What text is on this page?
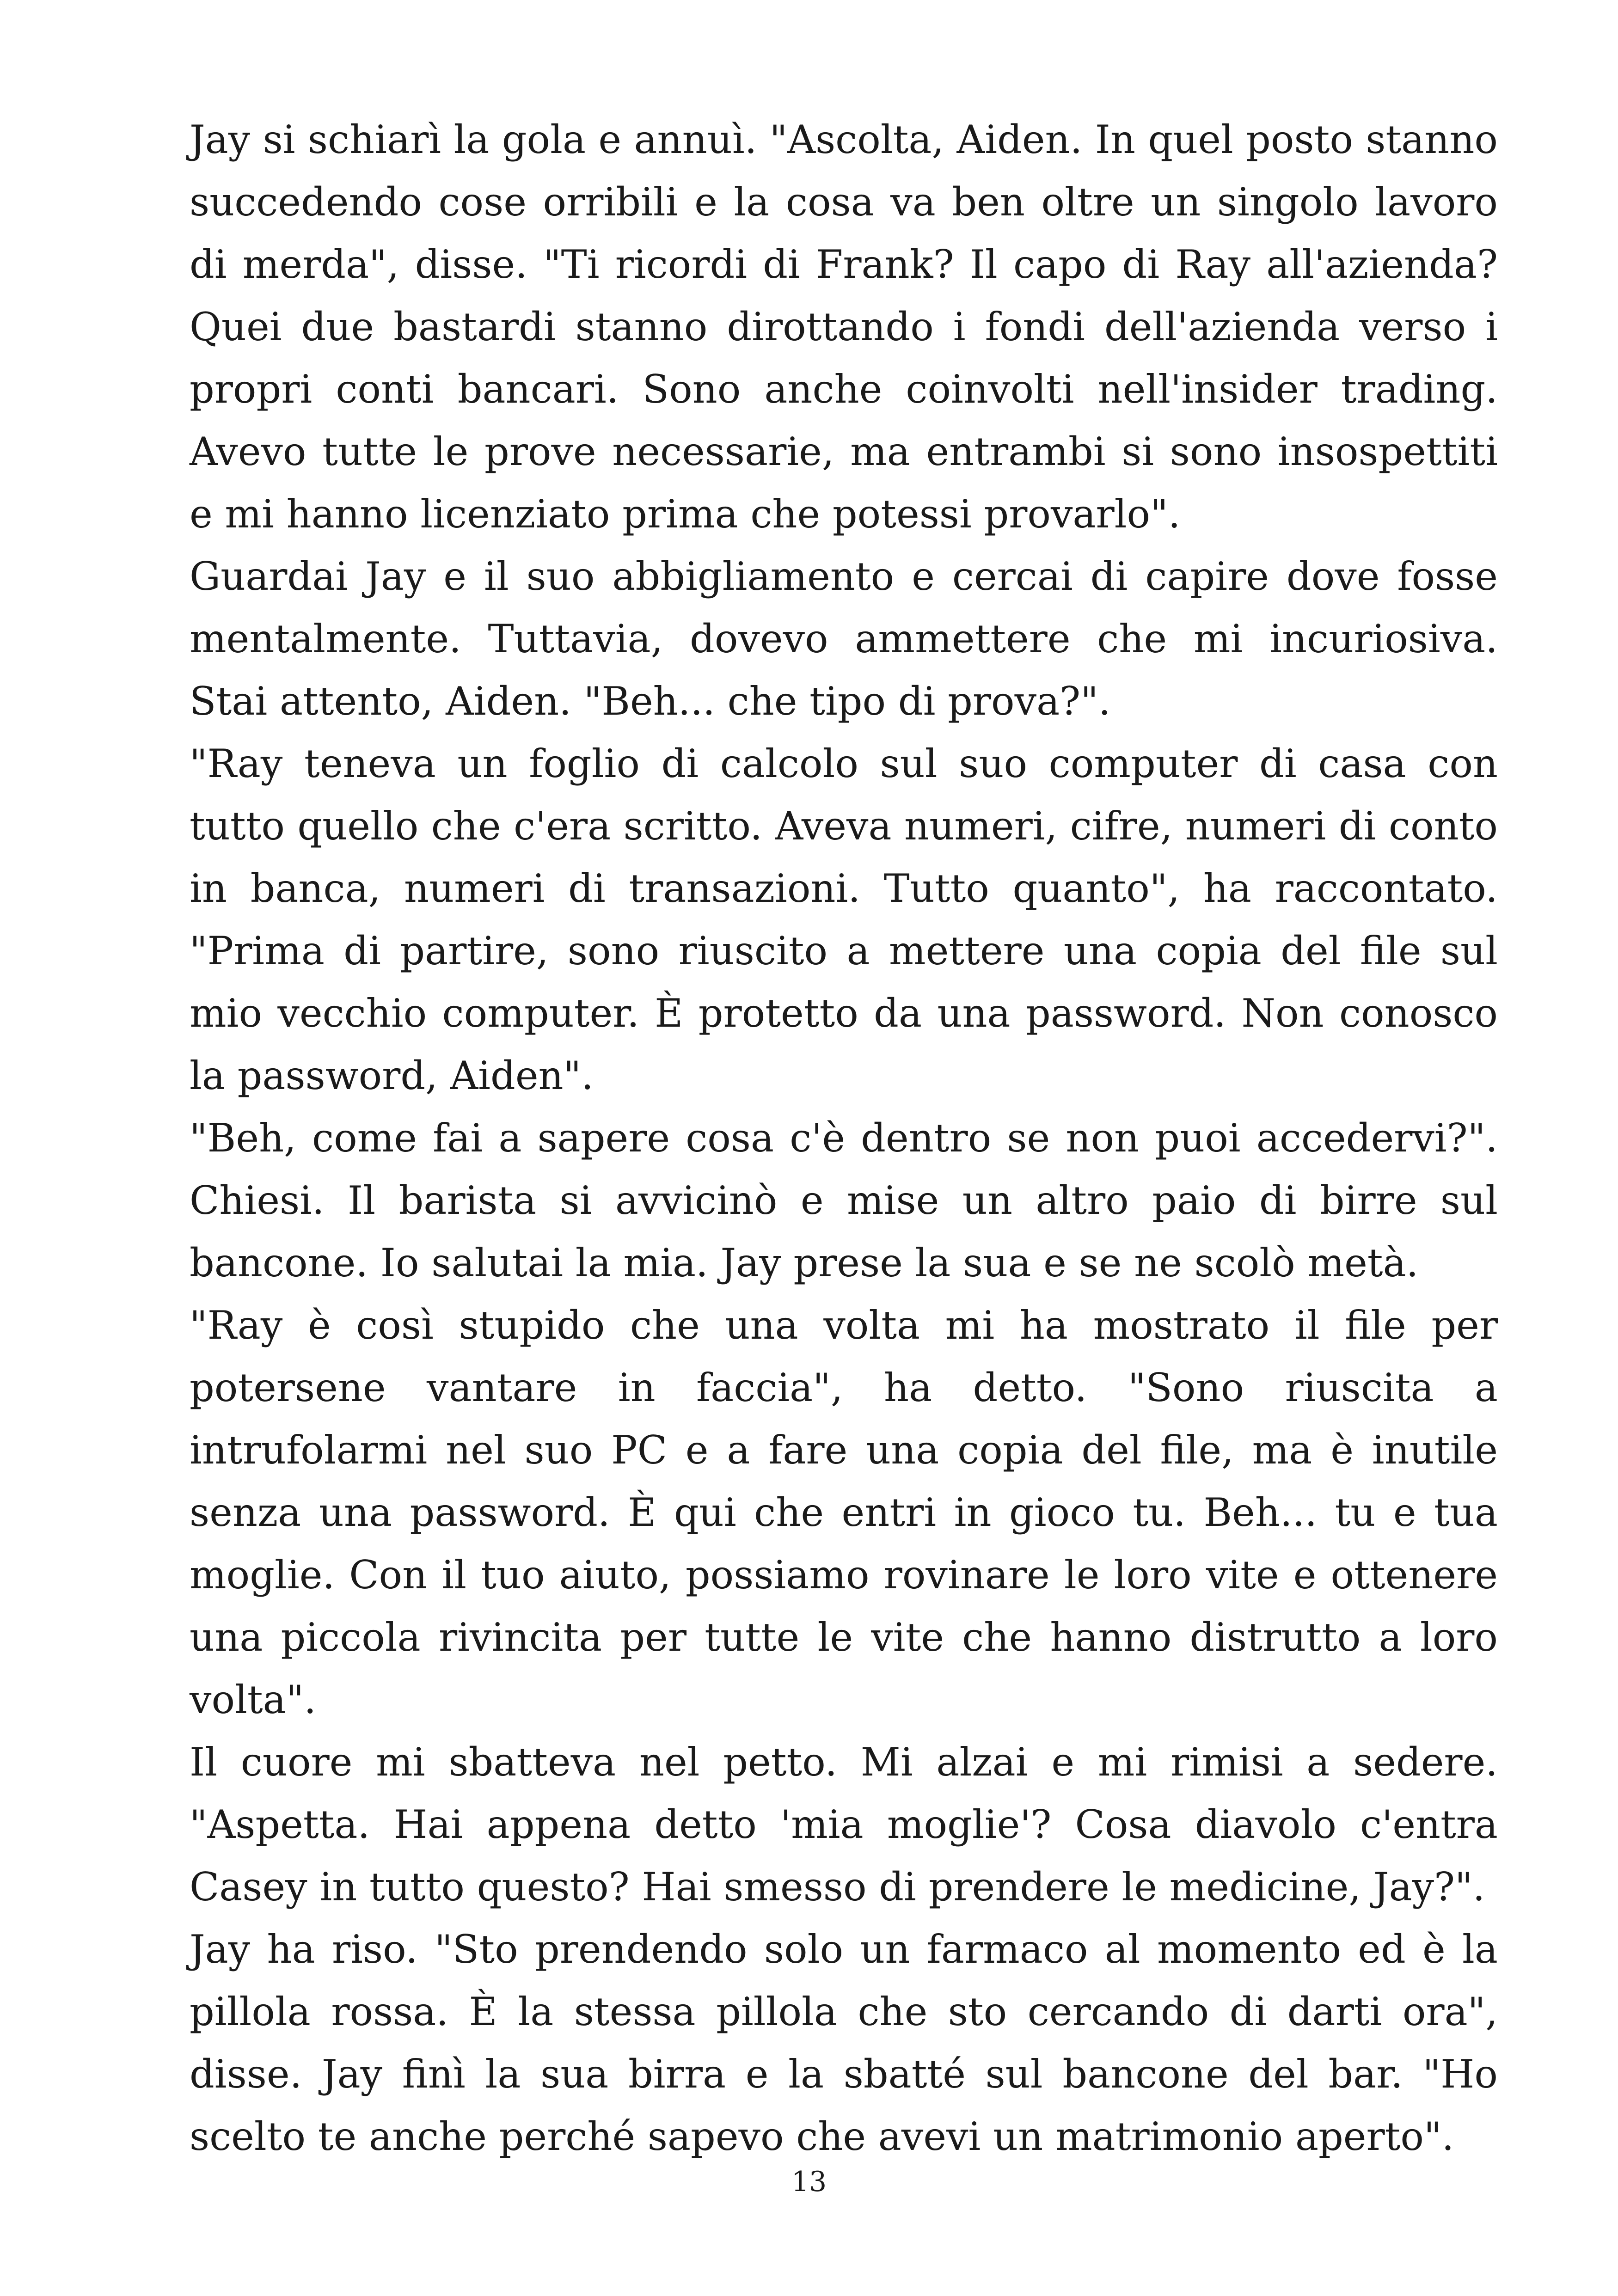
Jay si schiarì la gola e annuì. "Ascolta, Aiden. In quel posto stanno succedendo cose orribili e la cosa va ben oltre un singolo lavoro di merda", disse. "Ti ricordi di Frank? Il capo di Ray all'azienda? Quei due bastardi stanno dirottando i fondi dell'azienda verso i propri conti bancari. Sono anche coinvolti nell'insider trading. Avevo tutte le prove necessarie, ma entrambi si sono insospettiti e mi hanno licenziato prima che potessi provarlo".

Guardai Jay e il suo abbigliamento e cercai di capire dove fosse mentalmente. Tuttavia, dovevo ammettere che mi incuriosiva. Stai attento, Aiden. "Beh... che tipo di prova?".

"Ray teneva un foglio di calcolo sul suo computer di casa con tutto quello che c'era scritto. Aveva numeri, cifre, numeri di conto in banca, numeri di transazioni. Tutto quanto", ha raccontato. "Prima di partire, sono riuscito a mettere una copia del file sul mio vecchio computer. È protetto da una password. Non conosco la password, Aiden".

"Beh, come fai a sapere cosa c'è dentro se non puoi accedervi?". Chiesi. Il barista si avvicinò e mise un altro paio di birre sul bancone. Io salutai la mia. Jay prese la sua e se ne scolò metà.

"Ray è così stupido che una volta mi ha mostrato il file per potersene vantare in faccia", ha detto. "Sono riuscita a intrufolarmi nel suo PC e a fare una copia del file, ma è inutile senza una password. È qui che entri in gioco tu. Beh... tu e tua moglie. Con il tuo aiuto, possiamo rovinare le loro vite e ottenere una piccola rivincita per tutte le vite che hanno distrutto a loro volta".

Il cuore mi sbatteva nel petto. Mi alzai e mi rimisi a sedere. "Aspetta. Hai appena detto 'mia moglie'? Cosa diavolo c'entra Casey in tutto questo? Hai smesso di prendere le medicine, Jay?".

Jay ha riso. "Sto prendendo solo un farmaco al momento ed è la pillola rossa. È la stessa pillola che sto cercando di darti ora", disse. Jay finì la sua birra e la sbatté sul bancone del bar. "Ho scelto te anche perché sapevo che avevi un matrimonio aperto".

13
